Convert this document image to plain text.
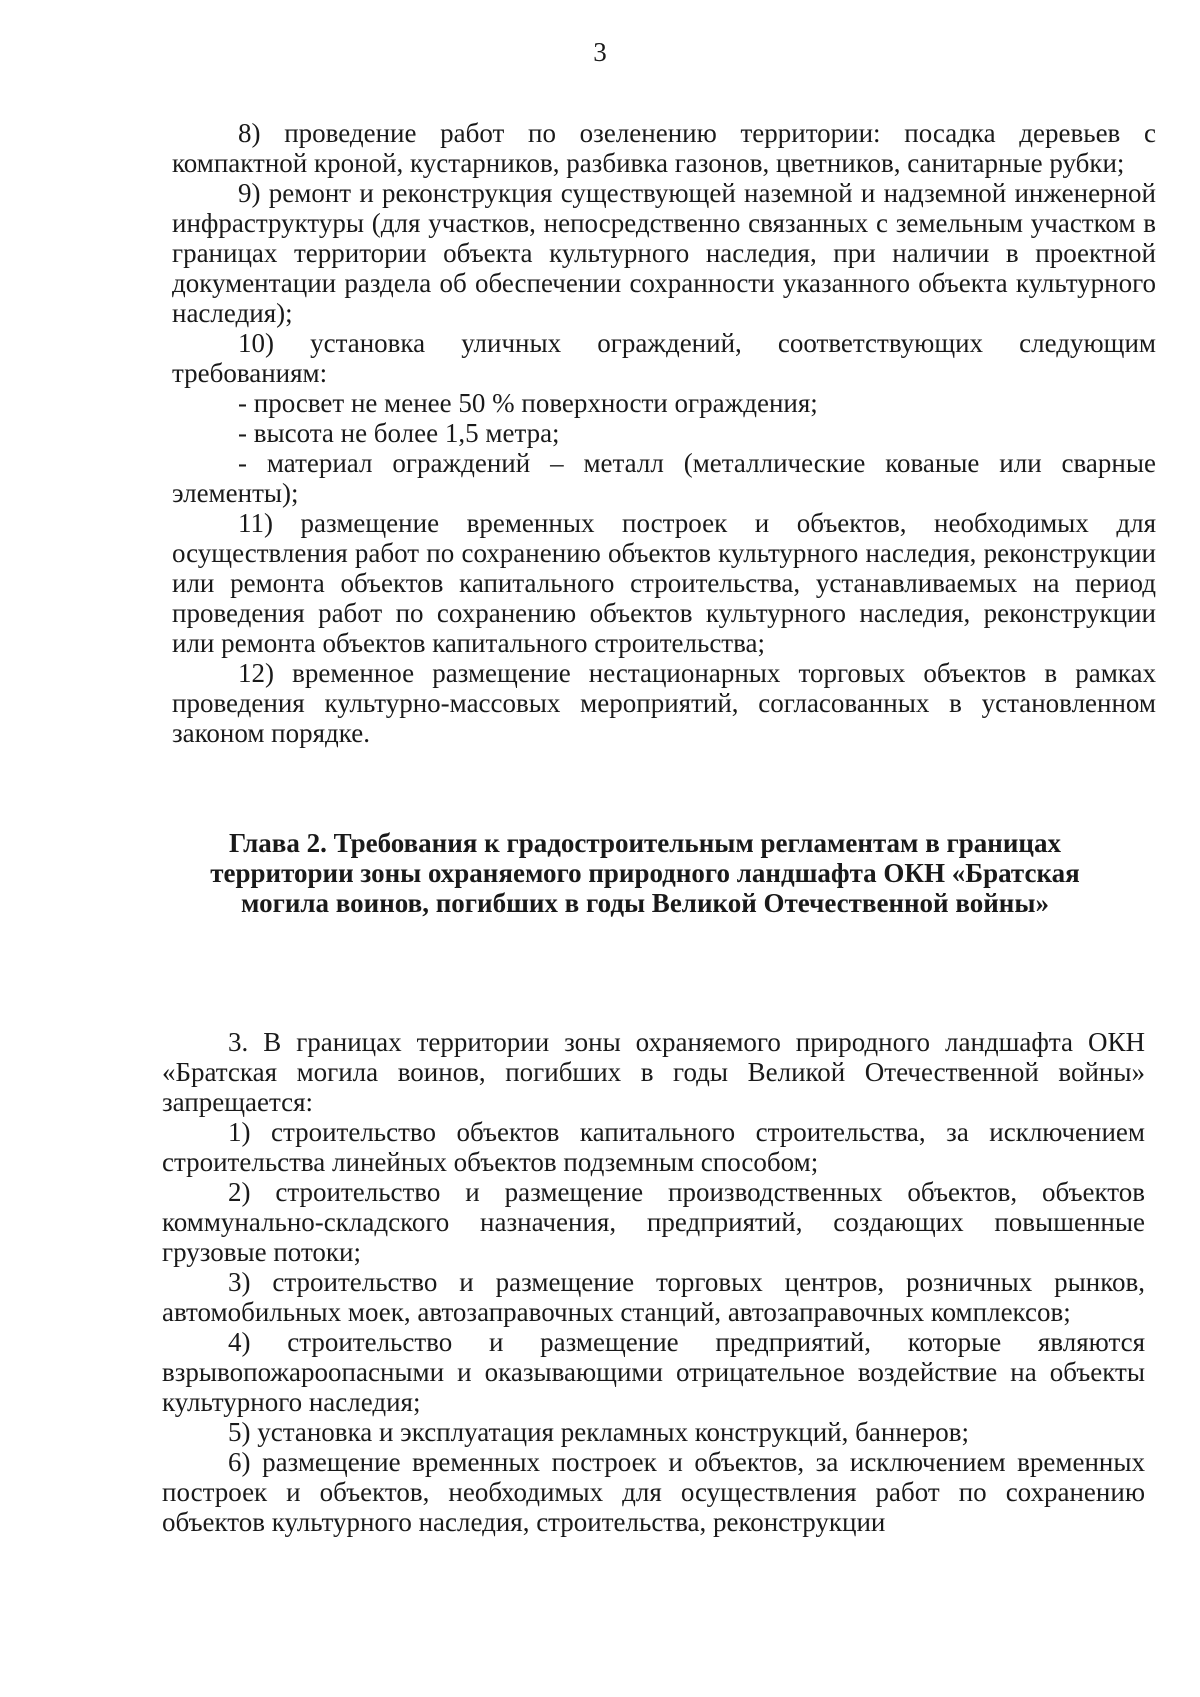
3

8) проведение работ по озеленению территории: посадка деревьев с компактной кроной, кустарников, разбивка газонов, цветников, санитарные рубки;

9) ремонт и реконструкция существующей наземной и надземной инженерной инфраструктуры (для участков, непосредственно связанных с земельным участком в границах территории объекта культурного наследия, при наличии в проектной документации раздела об обеспечении сохранности указанного объекта культурного наследия);

10) установка уличных ограждений, соответствующих следующим требованиям:

- просвет не менее 50 % поверхности ограждения;

- высота не более 1,5 метра;

- материал ограждений – металл (металлические кованые или сварные элементы);

11) размещение временных построек и объектов, необходимых для осуществления работ по сохранению объектов культурного наследия, реконструкции или ремонта объектов капитального строительства, устанавливаемых на период проведения работ по сохранению объектов культурного наследия, реконструкции или ремонта объектов капитального строительства;

12) временное размещение нестационарных торговых объектов в рамках проведения культурно-массовых мероприятий, согласованных в установленном законом порядке.

Глава 2. Требования к градостроительным регламентам в границах
территории зоны охраняемого природного ландшафта ОКН «Братская
могила воинов, погибших в годы Великой Отечественной войны»

3. В границах территории зоны охраняемого природного ландшафта ОКН «Братская могила воинов, погибших в годы Великой Отечественной войны» запрещается:

1) строительство объектов капитального строительства, за исключением строительства линейных объектов подземным способом;

2) строительство и размещение производственных объектов, объектов коммунально-складского назначения, предприятий, создающих повышенные грузовые потоки;

3) строительство и размещение торговых центров, розничных рынков, автомобильных моек, автозаправочных станций, автозаправочных комплексов;

4) строительство и размещение предприятий, которые являются взрывопожароопасными и оказывающими отрицательное воздействие на объекты культурного наследия;

5) установка и эксплуатация рекламных конструкций, баннеров;

6) размещение временных построек и объектов, за исключением временных построек и объектов, необходимых для осуществления работ по сохранению объектов культурного наследия, строительства, реконструкции
